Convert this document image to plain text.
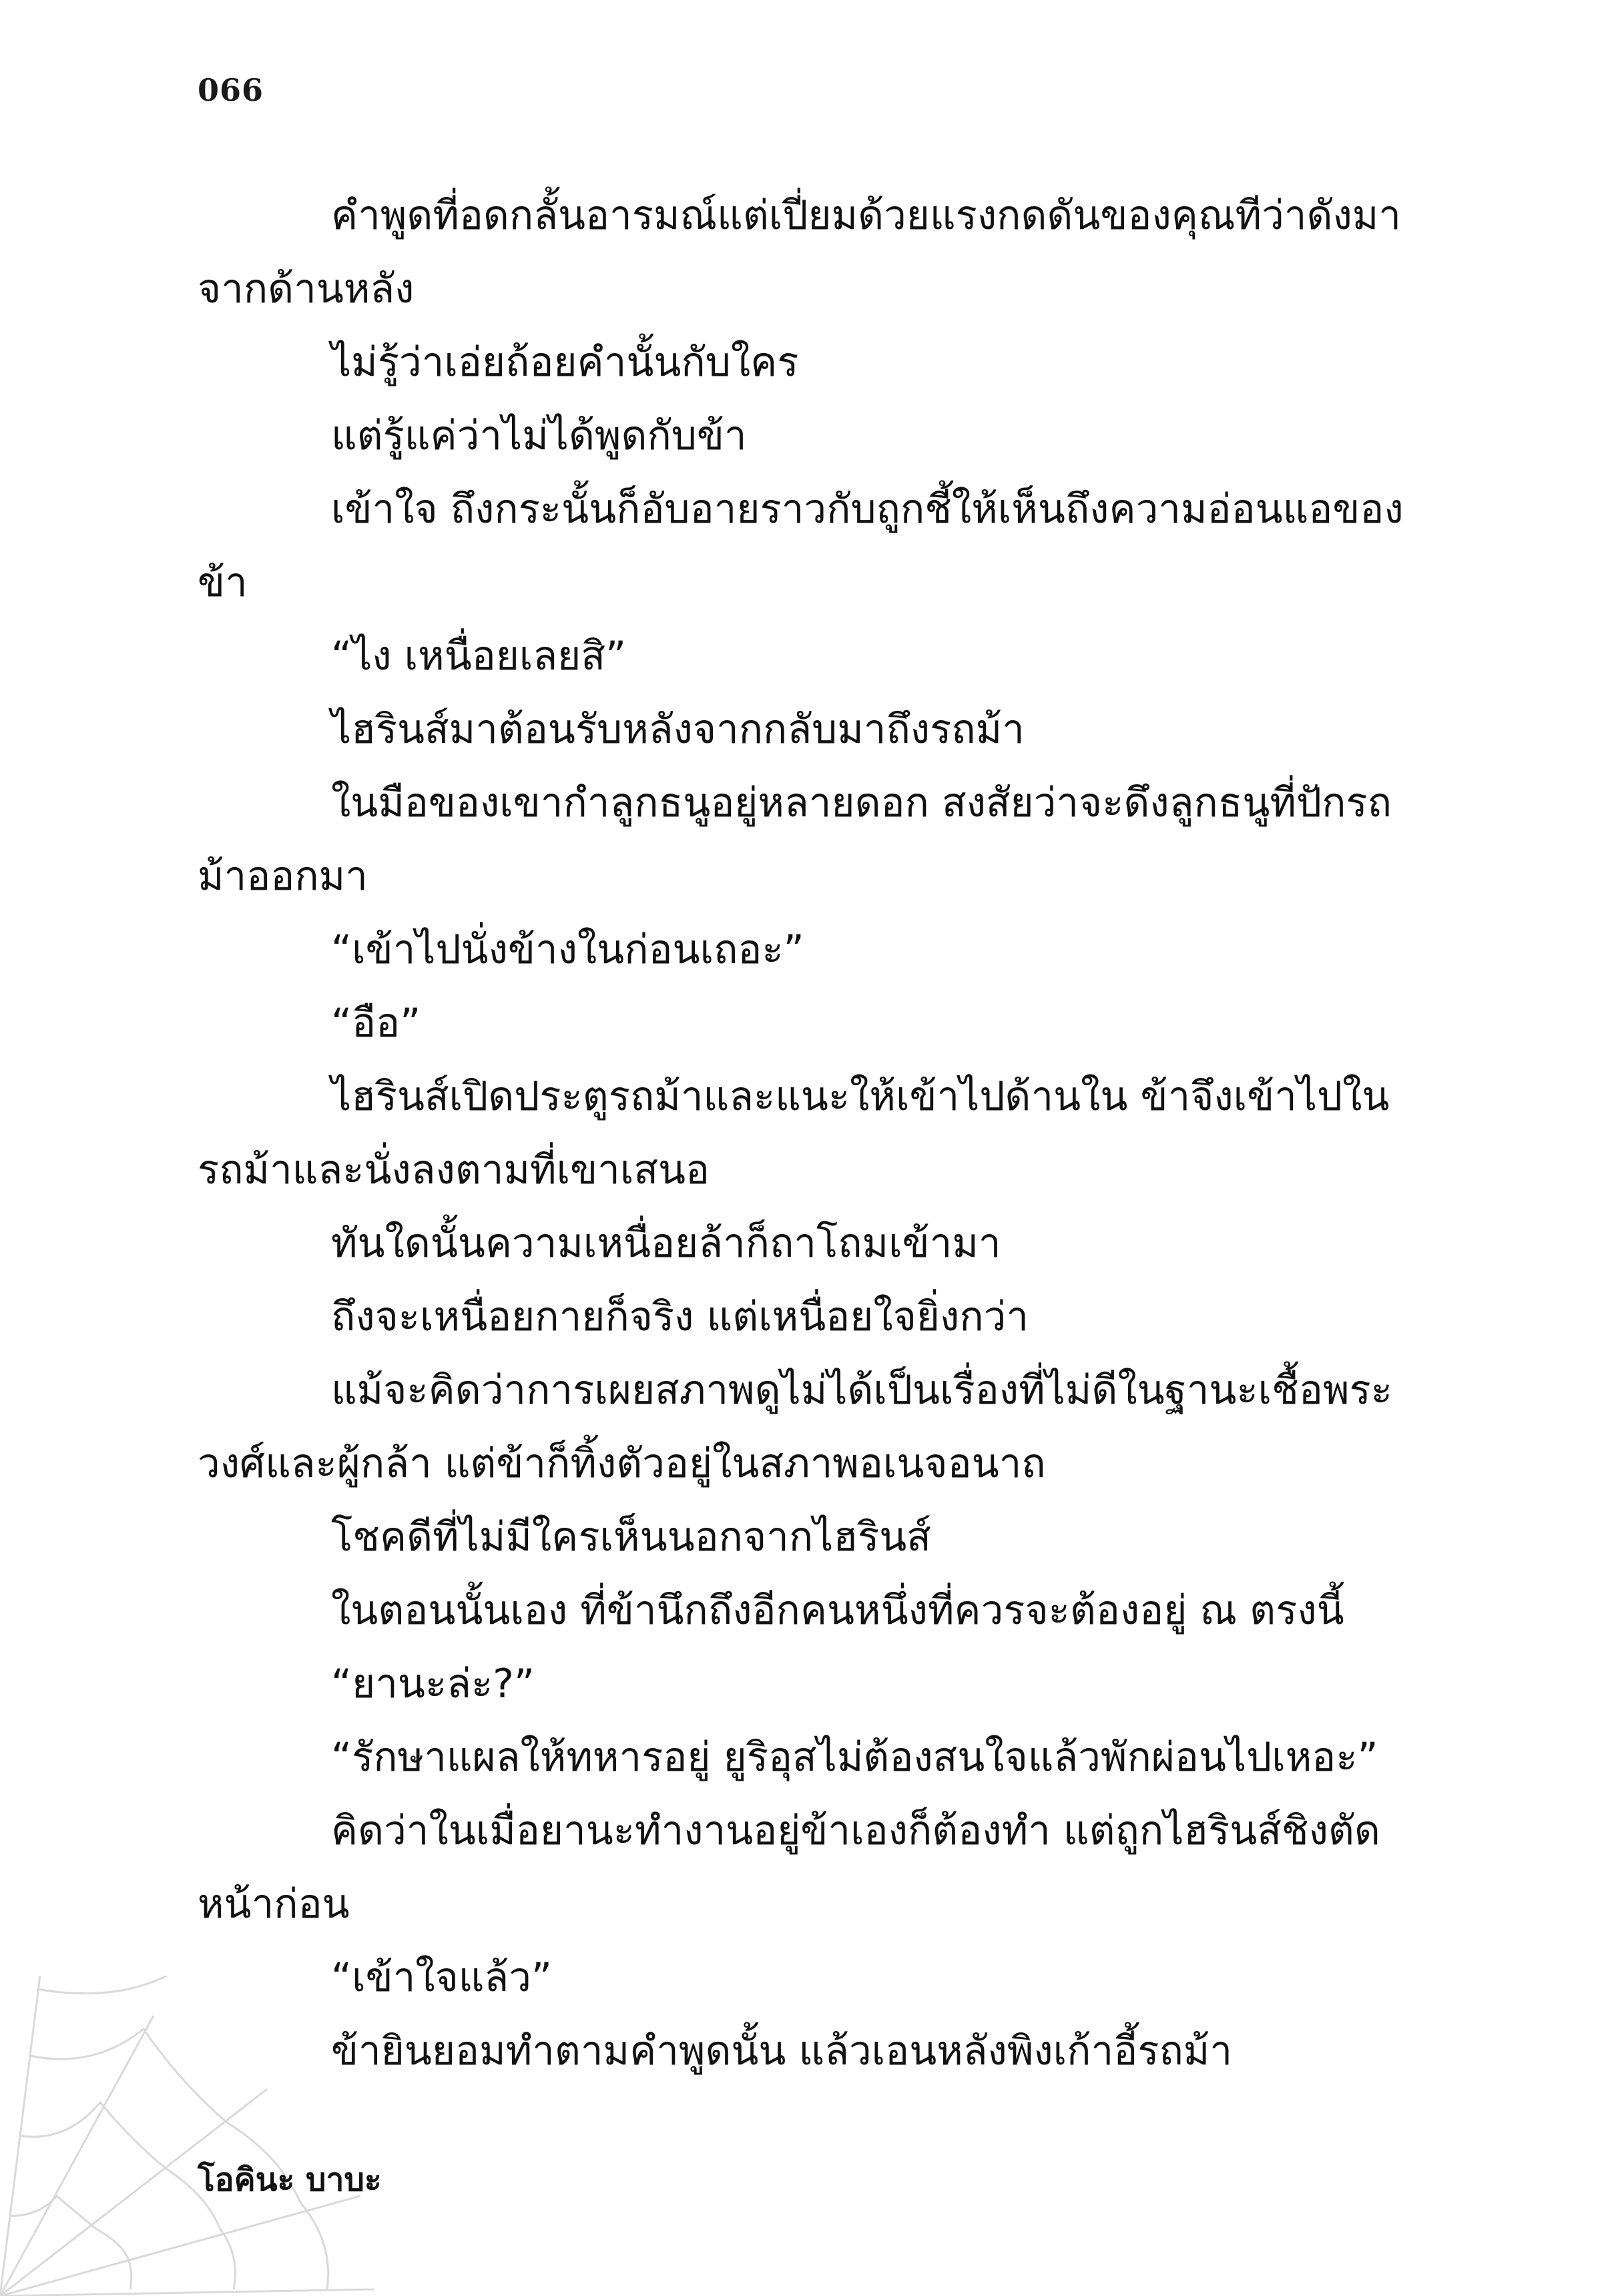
066

คำพูดที่อดกลั้นอารมณ์แต่เปี่ยมด้วยแรงกดดันของคุณทีว่าดังมาจากด้านหลัง

ไม่รู้ว่าเอ่ยถ้อยคำนั้นกับใคร

แต่รู้แค่ว่าไม่ได้พูดกับข้า

เข้าใจ ถึงกระนั้นก็อับอายราวกับถูกชี้ให้เห็นถึงความอ่อนแอของข้า

“ไง เหนื่อยเลยสิ”

ไฮรินส์มาต้อนรับหลังจากกลับมาถึงรถม้า

ในมือของเขากำลูกธนูอยู่หลายดอก สงสัยว่าจะดึงลูกธนูที่ปักรถม้าออกมา

“เข้าไปนั่งข้างในก่อนเถอะ”

“อือ”

ไฮรินส์เปิดประตูรถม้าและแนะให้เข้าไปด้านใน ข้าจึงเข้าไปในรถม้าและนั่งลงตามที่เขาเสนอ

ทันใดนั้นความเหนื่อยล้าก็ถาโถมเข้ามา

ถึงจะเหนื่อยกายก็จริง แต่เหนื่อยใจยิ่งกว่า

แม้จะคิดว่าการเผยสภาพดูไม่ได้เป็นเรื่องที่ไม่ดีในฐานะเชื้อพระวงศ์และผู้กล้า แต่ข้าก็ทิ้งตัวอยู่ในสภาพอเนจอนาถ

โชคดีที่ไม่มีใครเห็นนอกจากไฮรินส์

ในตอนนั้นเอง ที่ข้านึกถึงอีกคนหนึ่งที่ควรจะต้องอยู่ ณ ตรงนี้

“ยานะล่ะ?”

“รักษาแผลให้ทหารอยู่ ยูริอุสไม่ต้องสนใจแล้วพักผ่อนไปเหอะ”

คิดว่าในเมื่อยานะทำงานอยู่ข้าเองก็ต้องทำ แต่ถูกไฮรินส์ชิงตัดหน้าก่อน

“เข้าใจแล้ว”

ข้ายินยอมทำตามคำพูดนั้น แล้วเอนหลังพิงเก้าอี้รถม้า

โอคินะ บาบะ
